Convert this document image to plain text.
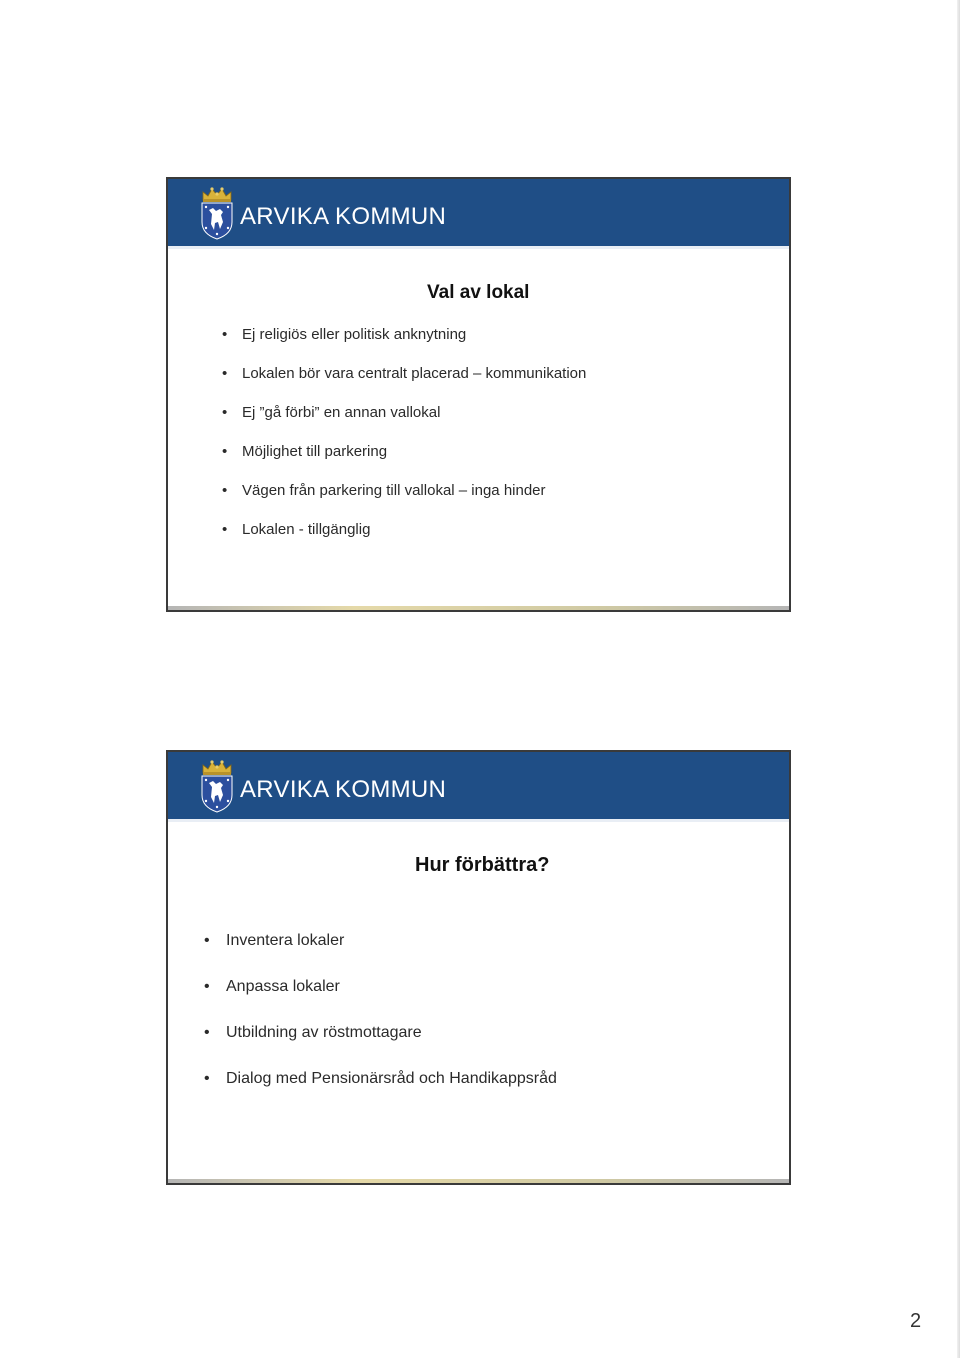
ARVIKA KOMMUN
Val av lokal
• Ej religiös eller politisk anknytning
• Lokalen bör vara centralt placerad – kommunikation
• Ej ”gå förbi” en annan vallokal
• Möjlighet till parkering
• Vägen från parkering till vallokal – inga hinder
• Lokalen - tillgänglig
ARVIKA KOMMUN
Hur förbättra?
• Inventera lokaler
• Anpassa lokaler
• Utbildning av röstmottagare
• Dialog med Pensionärsråd och Handikappsråd
2
